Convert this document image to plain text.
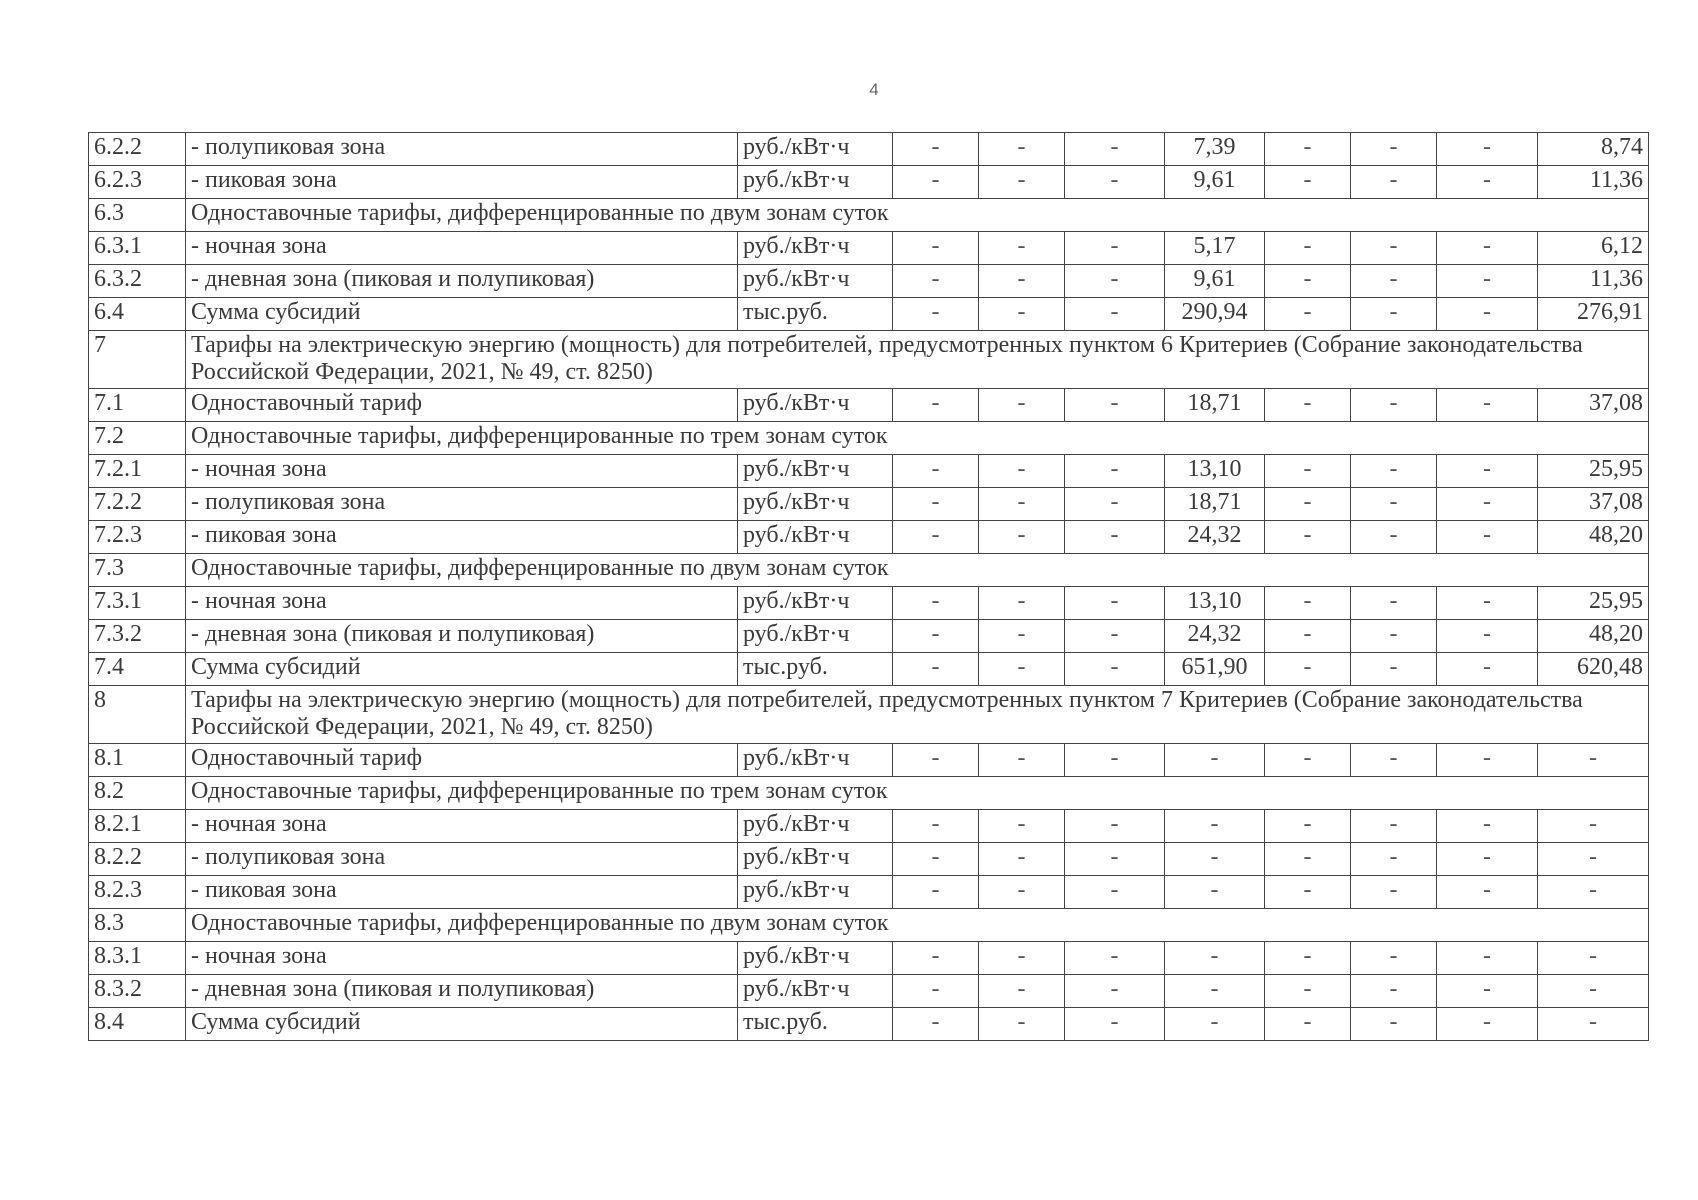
4
6.2.2	- полупиковая зона	руб./кВт·ч	-	-	-	7,39	-	-	-	8,74
6.2.3	- пиковая зона	руб./кВт·ч	-	-	-	9,61	-	-	-	11,36
6.3	Одноставочные тарифы, дифференцированные по двум зонам суток									
6.3.1	- ночная зона	руб./кВт·ч	-	-	-	5,17	-	-	-	6,12
6.3.2	- дневная зона (пиковая и полупиковая)	руб./кВт·ч	-	-	-	9,61	-	-	-	11,36
6.4	Сумма субсидий	тыс.руб.	-	-	-	290,94	-	-	-	276,91
7	Тарифы на электрическую энергию (мощность) для потребителей, предусмотренных пунктом 6 Критериев (Собрание законодательства Российской Федерации, 2021, № 49, ст. 8250)									
7.1	Одноставочный тариф	руб./кВт·ч	-	-	-	18,71	-	-	-	37,08
7.2	Одноставочные тарифы, дифференцированные по трем зонам суток									
7.2.1	- ночная зона	руб./кВт·ч	-	-	-	13,10	-	-	-	25,95
7.2.2	- полупиковая зона	руб./кВт·ч	-	-	-	18,71	-	-	-	37,08
7.2.3	- пиковая зона	руб./кВт·ч	-	-	-	24,32	-	-	-	48,20
7.3	Одноставочные тарифы, дифференцированные по двум зонам суток									
7.3.1	- ночная зона	руб./кВт·ч	-	-	-	13,10	-	-	-	25,95
7.3.2	- дневная зона (пиковая и полупиковая)	руб./кВт·ч	-	-	-	24,32	-	-	-	48,20
7.4	Сумма субсидий	тыс.руб.	-	-	-	651,90	-	-	-	620,48
8	Тарифы на электрическую энергию (мощность) для потребителей, предусмотренных пунктом 7 Критериев (Собрание законодательства Российской Федерации, 2021, № 49, ст. 8250)									
8.1	Одноставочный тариф	руб./кВт·ч	-	-	-	-	-	-	-	-
8.2	Одноставочные тарифы, дифференцированные по трем зонам суток									
8.2.1	- ночная зона	руб./кВт·ч	-	-	-	-	-	-	-	-
8.2.2	- полупиковая зона	руб./кВт·ч	-	-	-	-	-	-	-	-
8.2.3	- пиковая зона	руб./кВт·ч	-	-	-	-	-	-	-	-
8.3	Одноставочные тарифы, дифференцированные по двум зонам суток									
8.3.1	- ночная зона	руб./кВт·ч	-	-	-	-	-	-	-	-
8.3.2	- дневная зона (пиковая и полупиковая)	руб./кВт·ч	-	-	-	-	-	-	-	-
8.4	Сумма субсидий	тыс.руб.	-	-	-	-	-	-	-	-
